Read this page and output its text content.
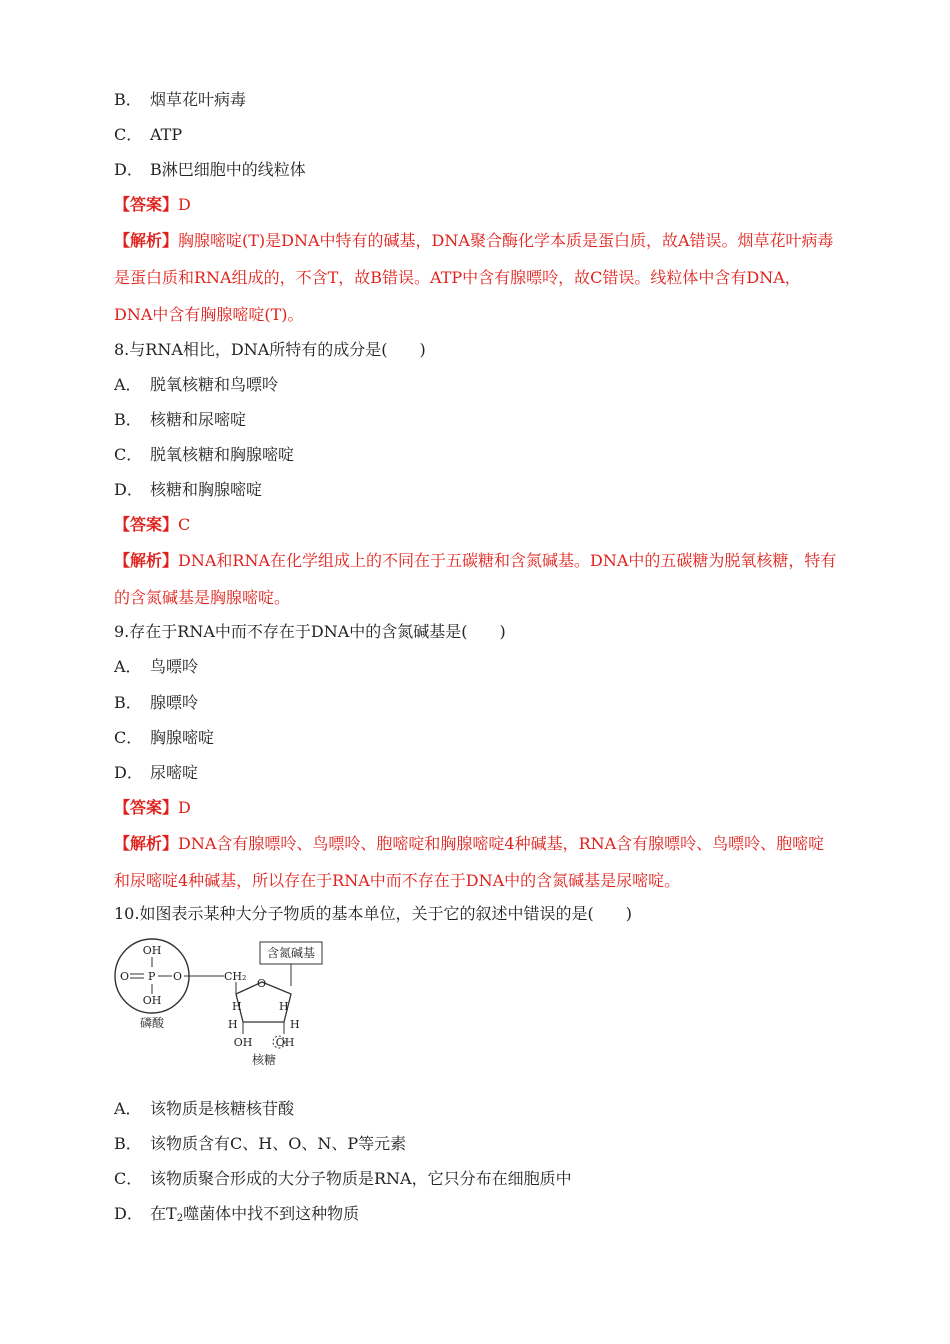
B． 烟草花叶病毒
C． ATP
D． B淋巴细胞中的线粒体
【答案】D
【解析】胸腺嘧啶(T)是DNA中特有的碱基，DNA聚合酶化学本质是蛋白质，故A错误。烟草花叶病毒是蛋白质和RNA组成的，不含T，故B错误。ATP中含有腺嘌呤，故C错误。线粒体中含有DNA，DNA中含有胸腺嘧啶(T)。
8.与RNA相比，DNA所特有的成分是(　　)
A． 脱氧核糖和鸟嘌呤
B． 核糖和尿嘧啶
C． 脱氧核糖和胸腺嘧啶
D． 核糖和胸腺嘧啶
【答案】C
【解析】DNA和RNA在化学组成上的不同在于五碳糖和含氮碱基。DNA中的五碳糖为脱氧核糖，特有的含氮碱基是胸腺嘧啶。
9.存在于RNA中而不存在于DNA中的含氮碱基是(　　)
A． 鸟嘌呤
B． 腺嘌呤
C． 胸腺嘧啶
D． 尿嘧啶
【答案】D
【解析】DNA含有腺嘌呤、鸟嘌呤、胞嘧啶和胸腺嘧啶4种碱基，RNA含有腺嘌呤、鸟嘌呤、胞嘧啶和尿嘧啶4种碱基，所以存在于RNA中而不存在于DNA中的含氮碱基是尿嘧啶。
10.如图表示某种大分子物质的基本单位，关于它的叙述中错误的是(　　)
OH
O P O
OH
磷酸
CH₂
含氮碱基
O
H	H
H	H
OH OH
核糖
A． 该物质是核糖核苷酸
B． 该物质含有C、H、O、N、P等元素
C． 该物质聚合形成的大分子物质是RNA，它只分布在细胞质中
D． 在$T_2$噬菌体中找不到这种物质
